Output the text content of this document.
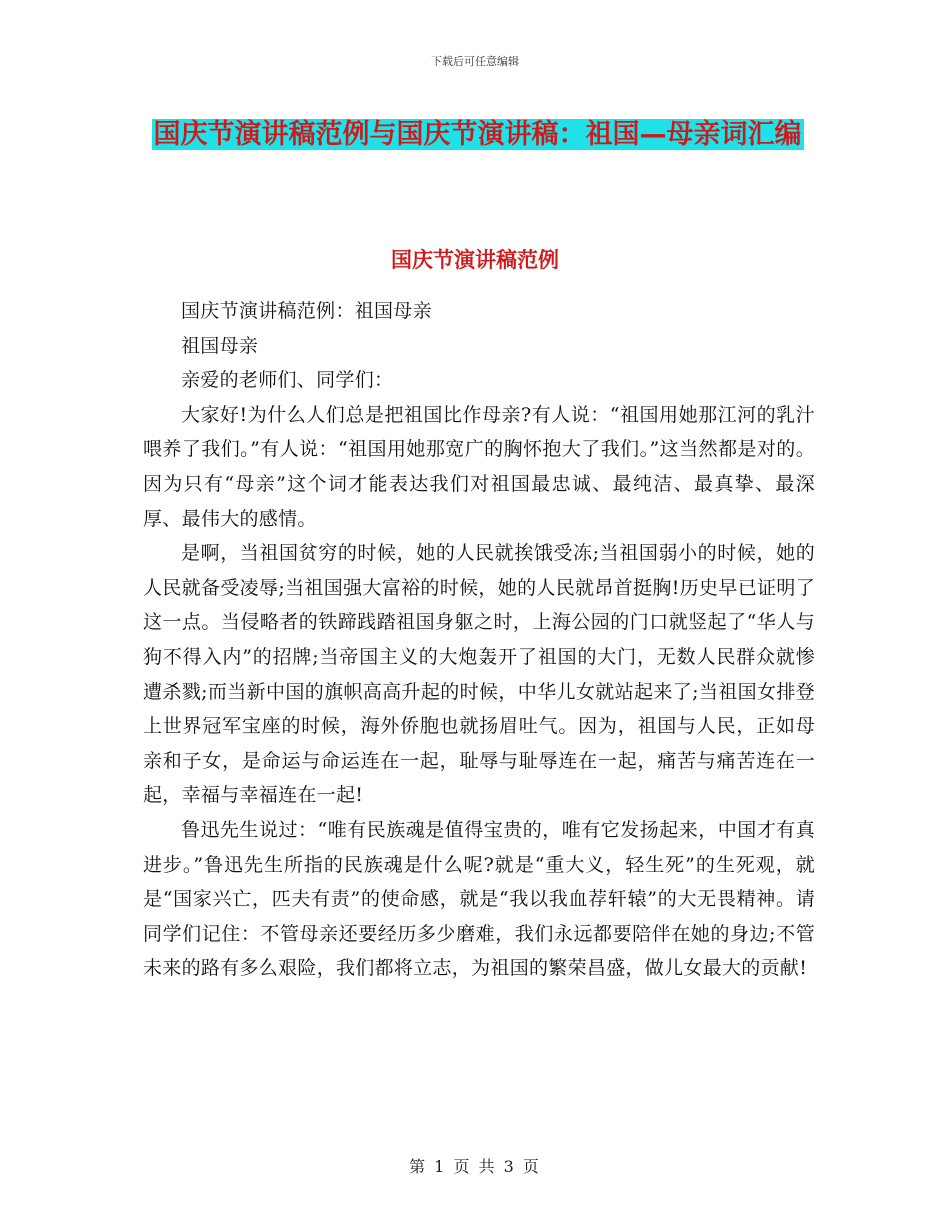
下载后可任意编辑
国庆节演讲稿范例与国庆节演讲稿：祖国—母亲词汇编
国庆节演讲稿范例

国庆节演讲稿范例：祖国母亲

祖国母亲

亲爱的老师们、同学们：

大家好!为什么人们总是把祖国比作母亲?有人说：“祖国用她那江河的乳汁喂养了我们。”有人说：“祖国用她那宽广的胸怀抱大了我们。”这当然都是对的。因为只有“母亲”这个词才能表达我们对祖国最忠诚、最纯洁、最真挚、最深厚、最伟大的感情。

是啊，当祖国贫穷的时候，她的人民就挨饿受冻;当祖国弱小的时候，她的人民就备受凌辱;当祖国强大富裕的时候，她的人民就昂首挺胸!历史早已证明了这一点。当侵略者的铁蹄践踏祖国身躯之时，上海公园的门口就竖起了“华人与狗不得入内”的招牌;当帝国主义的大炮轰开了祖国的大门，无数人民群众就惨遭杀戮;而当新中国的旗帜高高升起的时候，中华儿女就站起来了;当祖国女排登上世界冠军宝座的时候，海外侨胞也就扬眉吐气。因为，祖国与人民，正如母亲和子女，是命运与命运连在一起，耻辱与耻辱连在一起，痛苦与痛苦连在一起，幸福与幸福连在一起!

鲁迅先生说过：“唯有民族魂是值得宝贵的，唯有它发扬起来，中国才有真进步。”鲁迅先生所指的民族魂是什么呢?就是“重大义，轻生死”的生死观，就是“国家兴亡，匹夫有责”的使命感，就是“我以我血荐轩辕”的大无畏精神。请同学们记住：不管母亲还要经历多少磨难，我们永远都要陪伴在她的身边;不管未来的路有多么艰险，我们都将立志，为祖国的繁荣昌盛，做儿女最大的贡献!

第 1 页 共 3 页
